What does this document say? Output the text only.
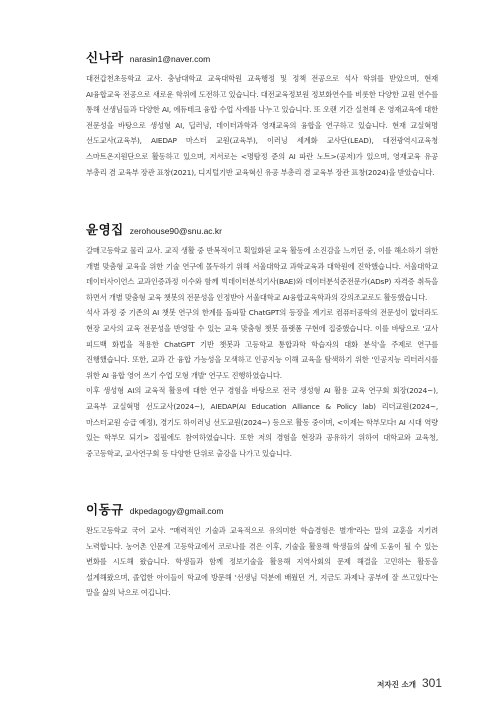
신나라 narasin1@naver.com

대전갑천초등학교 교사. 충남대학교 교육대학원 교육행정 및 정책 전공으로 석사 학위를 받았으며, 현재 AI융합교육 전공으로 새로운 학위에 도전하고 있습니다. 대전교육정보원 정보화연수를 비롯한 다양한 교원 연수를 통해 선생님들과 다양한 AI, 에듀테크 융합 수업 사례를 나누고 있습니다. 또 오랜 기간 실천해 온 영재교육에 대한 전문성을 바탕으로 생성형 AI, 딥러닝, 데이터과학과 영재교육의 융합을 연구하고 있습니다. 현재 교실혁명 선도교사(교육부), AIEDAP 마스터 교원(교육부), 이러닝 세계화 교사단(LEAD), 대전광역시교육청 스마트온지원단으로 활동하고 있으며, 저서로는 <명탐정 준의 AI 파란 노트>(공저)가 있으며, 영재교육 유공 부총리 겸 교육부 장관 표창(2021), 디지털기반 교육혁신 유공 부총리 겸 교육부 장관 표창(2024)을 받았습니다.

윤영집 zerohouse90@snu.ac.kr

갈매고등학교 물리 교사. 교직 생활 중 반복적이고 획일화된 교육 활동에 소진감을 느끼던 중, 이를 해소하기 위한 개별 맞춤형 교육을 위한 기술 연구에 몰두하기 위해 서울대학교 과학교육과 대학원에 진학했습니다. 서울대학교 데이터사이언스 교과인증과정 이수와 함께 빅데이터분석기사(BAE)와 데이터분석준전문가(ADsP) 자격증 취득을 하면서 개별 맞춤형 교육 챗봇의 전문성을 인정받아 서울대학교 AI융합교육학과의 강의조교로도 활동했습니다.

석사 과정 중 기존의 AI 챗봇 연구의 한계를 돌파할 ChatGPT의 등장을 계기로 컴퓨터공학의 전문성이 없더라도 현장 교사의 교육 전문성을 반영할 수 있는 교육 맞춤형 챗봇 플랫폼 구현에 집중했습니다. 이를 바탕으로 '교사 피드백 화법을 적용한 ChatGPT 기반 챗봇과 고등학교 통합과학 학습자의 대화 분석'을 주제로 연구를 진행했습니다. 또한, 교과 간 융합 가능성을 모색하고 인공지능 이해 교육을 탐색하기 위한 '인공지능 리터러시를 위한 AI 융합 영어 쓰기 수업 모형 개발' 연구도 진행하였습니다.

이후 생성형 AI의 교육적 활용에 대한 연구 경험을 바탕으로 전국 생성형 AI 활용 교육 연구회 회장(2024~), 교육부 교실혁명 선도교사(2024~), AIEDAP(AI Education Alliance & Policy lab) 리더교원(2024~, 마스터교원 승급 예정), 경기도 하이러닝 선도교원(2024~) 등으로 활동 중이며, <이제는 학부모다! AI 시대 역량 있는 학부모 되기> 집필에도 참여하였습니다. 또한 저의 경험을 현장과 공유하기 위하여 대학교와 교육청, 중고등학교, 교사연구회 등 다양한 단위로 출강을 나가고 있습니다.

이동규 dkpedagogy@gmail.com

완도고등학교 국어 교사. "매력적인 기술과 교육적으로 유의미한 학습경험은 별개"라는 말의 교훈을 지키려 노력합니다. 농어촌 인문계 고등학교에서 코로나를 겪은 이후, 기술을 활용해 학생들의 삶에 도움이 될 수 있는 변화를 시도해 왔습니다. 학생들과 함께 정보기술을 활용해 지역사회의 문제 해결을 고민하는 활동을 설계해왔으며, 졸업한 아이들이 학교에 방문해 '선생님 덕분에 배웠던 거, 지금도 과제나 공부에 잘 쓰고있다'는 말을 삶의 낙으로 여깁니다.

저자진 소개 301
